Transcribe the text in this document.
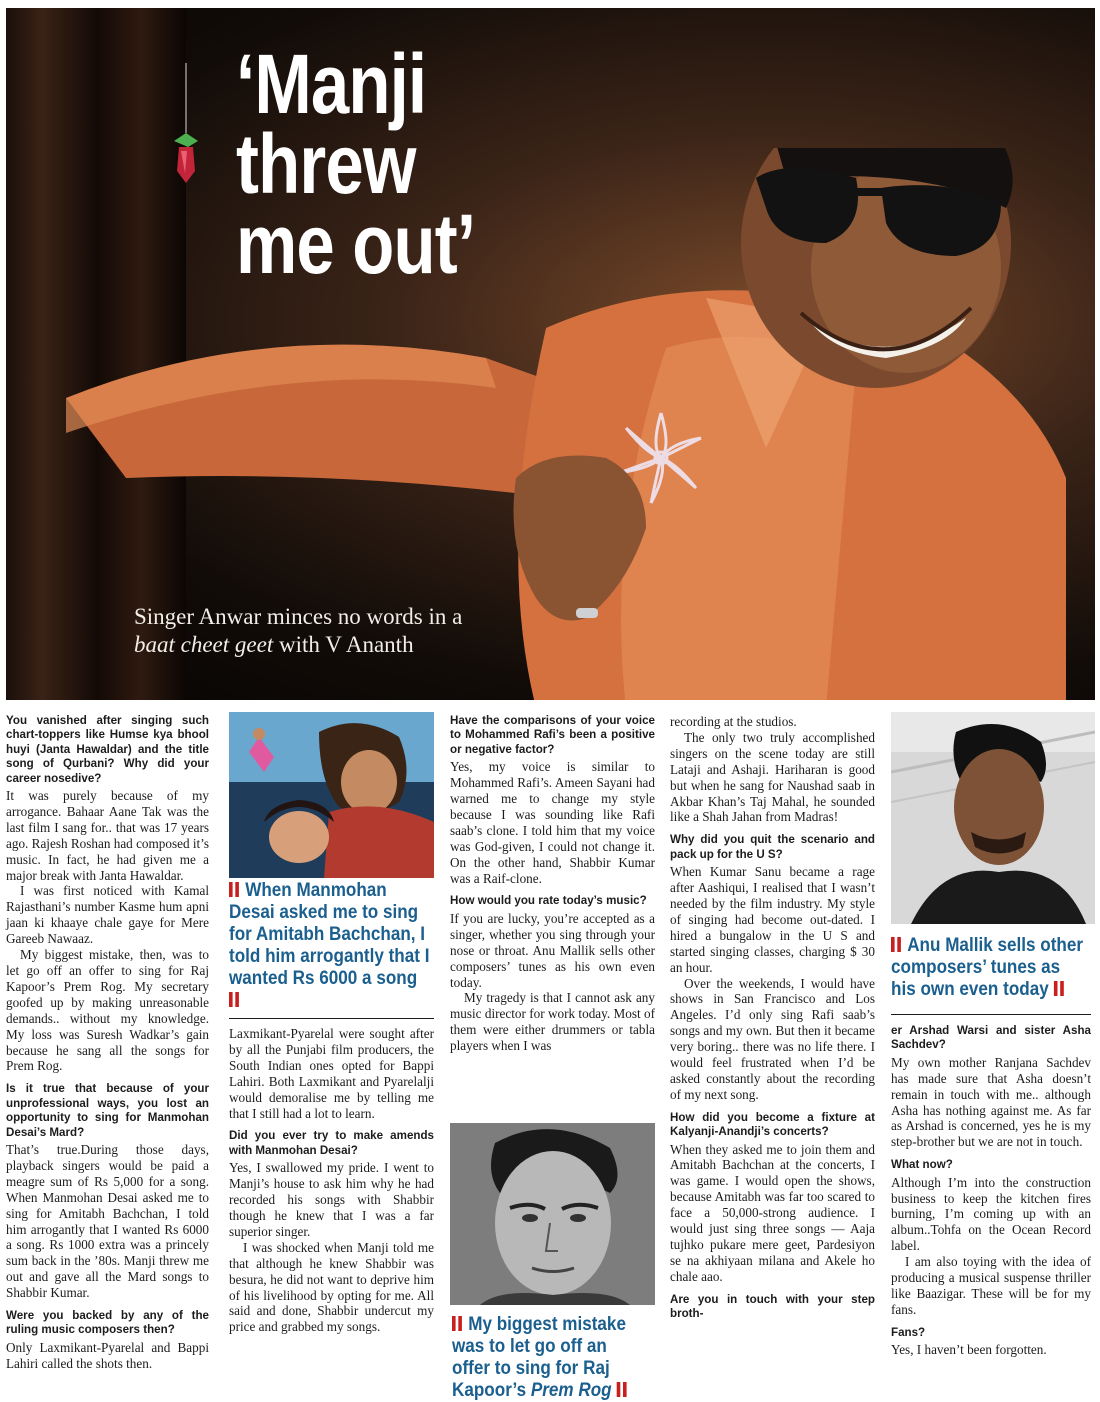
‘Manji
threw
me out’

Singer Anwar minces no words in a
baat cheet geet with V Ananth

You vanished after singing such chart-toppers like Humse kya bhool huyi (Janta Hawaldar) and the title song of Qurbani? Why did your career nosedive?

It was purely because of my arrogance. Bahaar Aane Tak was the last film I sang for.. that was 17 years ago. Rajesh Roshan had composed it’s music. In fact, he had given me a major break with Janta Hawaldar.

I was first noticed with Kamal Rajasthani’s number Kasme hum apni jaan ki khaaye chale gaye for Mere Gareeb Nawaaz.

My biggest mistake, then, was to let go off an offer to sing for Raj Kapoor’s Prem Rog. My secretary goofed up by making unreasonable demands.. without my knowledge. My loss was Suresh Wadkar’s gain because he sang all the songs for Prem Rog.

Is it true that because of your unprofessional ways, you lost an opportunity to sing for Manmohan Desai’s Mard?

That’s true.During those days, playback singers would be paid a meagre sum of Rs 5,000 for a song. When Manmohan Desai asked me to sing for Amitabh Bachchan, I told him arrogantly that I wanted Rs 6000 a song. Rs 1000 extra was a princely sum back in the ’80s. Manji threw me out and gave all the Mard songs to Shabbir Kumar.

Were you backed by any of the ruling music composers then?

Only Laxmikant-Pyarelal and Bappi Lahiri called the shots then.

When Manmohan Desai asked me to sing for Amitabh Bachchan, I told him arrogantly that I wanted Rs 6000 a song

Laxmikant-Pyarelal were sought after by all the Punjabi film producers, the South Indian ones opted for Bappi Lahiri. Both Laxmikant and Pyarelalji would demoralise me by telling me that I still had a lot to learn.

Did you ever try to make amends with Manmohan Desai?

Yes, I swallowed my pride. I went to Manji’s house to ask him why he had recorded his songs with Shabbir though he knew that I was a far superior singer.

I was shocked when Manji told me that although he knew Shabbir was besura, he did not want to deprive him of his livelihood by opting for me. All said and done, Shabbir undercut my price and grabbed my songs.

Have the comparisons of your voice to Mohammed Rafi’s been a positive or negative factor?

Yes, my voice is similar to Mohammed Rafi’s. Ameen Sayani had warned me to change my style because I was sounding like Rafi saab’s clone. I told him that my voice was God-given, I could not change it. On the other hand, Shabbir Kumar was a Raif-clone.

How would you rate today’s music?

If you are lucky, you’re accepted as a singer, whether you sing through your nose or throat. Anu Mallik sells other composers’ tunes as his own even today.

My tragedy is that I cannot ask any music director for work today. Most of them were either drummers or tabla players when I was

My biggest mistake was to let go off an offer to sing for Raj Kapoor’s Prem Rog

recording at the studios.

The only two truly accomplished singers on the scene today are still Lataji and Ashaji. Hariharan is good but when he sang for Naushad saab in Akbar Khan’s Taj Mahal, he sounded like a Shah Jahan from Madras!

Why did you quit the scenario and pack up for the U S?

When Kumar Sanu became a rage after Aashiqui, I realised that I wasn’t needed by the film industry. My style of singing had become out-dated. I hired a bungalow in the U S and started singing classes, charging $ 30 an hour.

Over the weekends, I would have shows in San Francisco and Los Angeles. I’d only sing Rafi saab’s songs and my own. But then it became very boring.. there was no life there. I would feel frustrated when I’d be asked constantly about the recording of my next song.

How did you become a fixture at Kalyanji-Anandji’s concerts?

When they asked me to join them and Amitabh Bachchan at the concerts, I was game. I would open the shows, because Amitabh was far too scared to face a 50,000-strong audience. I would just sing three songs — Aaja tujhko pukare mere geet, Pardesiyon se na akhiyaan milana and Akele ho chale aao.

Are you in touch with your step broth-

Anu Mallik sells other composers’ tunes as his own even today

er Arshad Warsi and sister Asha Sachdev?

My own mother Ranjana Sachdev has made sure that Asha doesn’t remain in touch with me.. although Asha has nothing against me. As far as Arshad is concerned, yes he is my step-brother but we are not in touch.

What now?

Although I’m into the construction business to keep the kitchen fires burning, I’m coming up with an album..Tohfa on the Ocean Record label.

I am also toying with the idea of producing a musical suspense thriller like Baazigar. These will be for my fans.

Fans?

Yes, I haven’t been forgotten.
